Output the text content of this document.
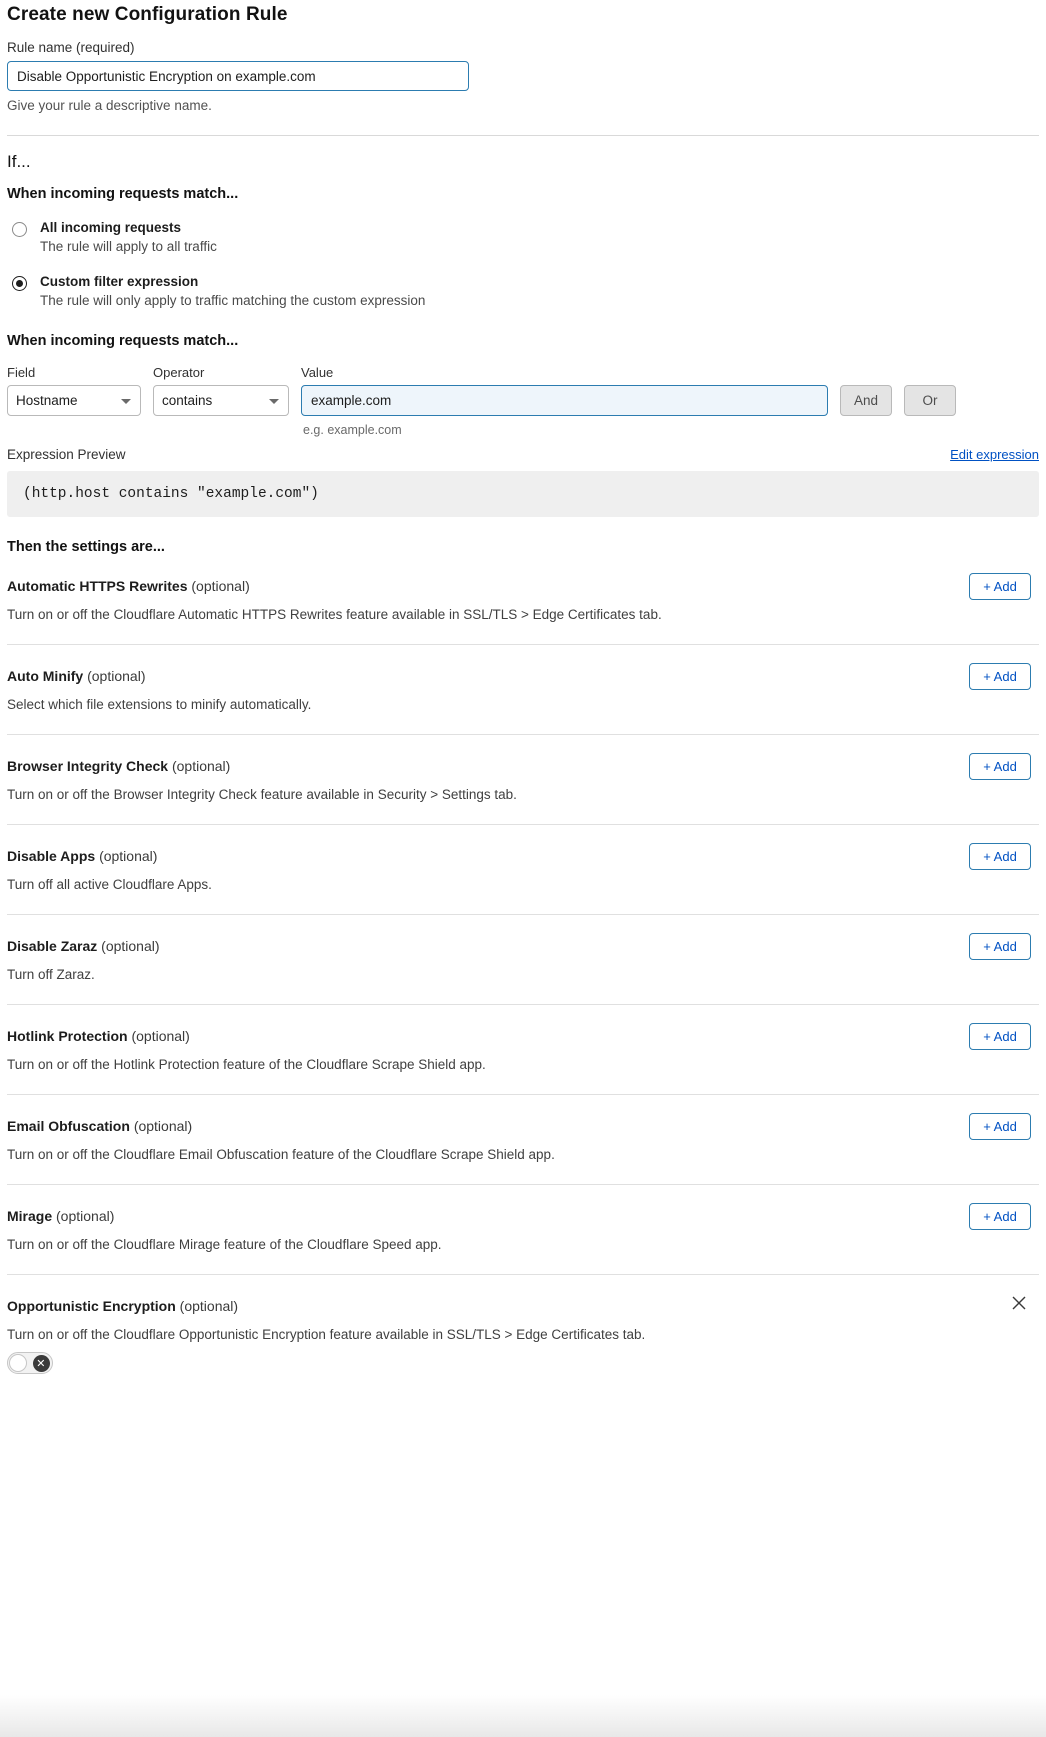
Create new Configuration Rule
Rule name (required)
Disable Opportunistic Encryption on example.com
Give your rule a descriptive name.
If...
When incoming requests match...
All incoming requests
The rule will apply to all traffic
Custom filter expression
The rule will only apply to traffic matching the custom expression
When incoming requests match...
Field
Hostname
Operator
contains
Value
example.com
e.g. example.com
And	Or
Expression Preview	Edit expression
(http.host contains "example.com")
Then the settings are...
Automatic HTTPS Rewrites (optional)
Turn on or off the Cloudflare Automatic HTTPS Rewrites feature available in SSL/TLS > Edge Certificates tab.
+ Add
Auto Minify (optional)
Select which file extensions to minify automatically.
+ Add
Browser Integrity Check (optional)
Turn on or off the Browser Integrity Check feature available in Security > Settings tab.
+ Add
Disable Apps (optional)
Turn off all active Cloudflare Apps.
+ Add
Disable Zaraz (optional)
Turn off Zaraz.
+ Add
Hotlink Protection (optional)
Turn on or off the Hotlink Protection feature of the Cloudflare Scrape Shield app.
+ Add
Email Obfuscation (optional)
Turn on or off the Cloudflare Email Obfuscation feature of the Cloudflare Scrape Shield app.
+ Add
Mirage (optional)
Turn on or off the Cloudflare Mirage feature of the Cloudflare Speed app.
+ Add
Opportunistic Encryption (optional)
Turn on or off the Cloudflare Opportunistic Encryption feature available in SSL/TLS > Edge Certificates tab.
✕
